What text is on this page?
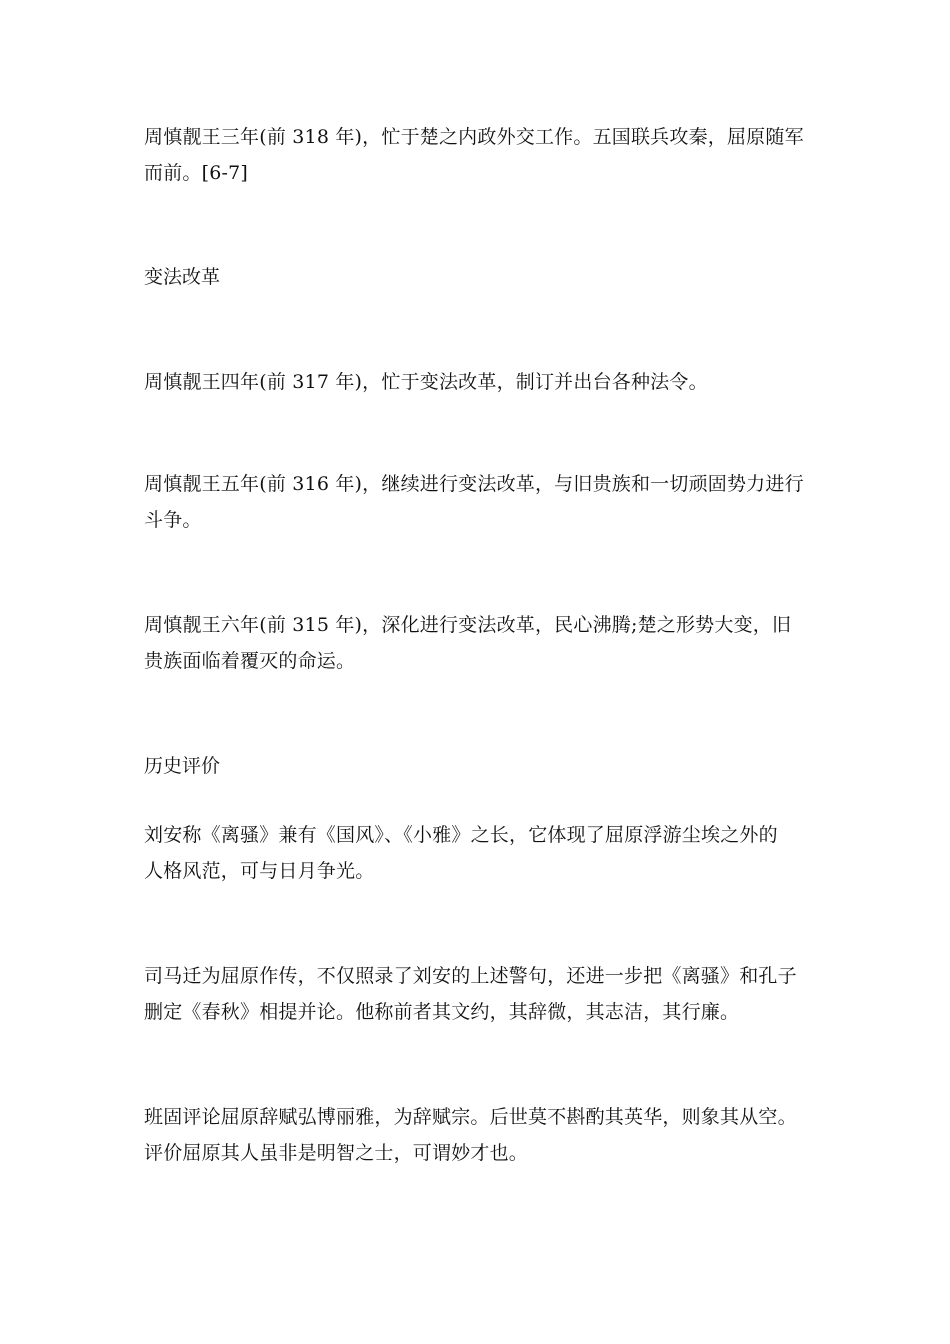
周慎靓王三年(前 318 年)，忙于楚之内政外交工作。五国联兵攻秦，屈原随军
而前。[6-7]
变法改革
周慎靓王四年(前 317 年)，忙于变法改革，制订并出台各种法令。
周慎靓王五年(前 316 年)，继续进行变法改革，与旧贵族和一切顽固势力进行
斗争。
周慎靓王六年(前 315 年)，深化进行变法改革，民心沸腾;楚之形势大变，旧
贵族面临着覆灭的命运。
历史评价
刘安称《离骚》兼有《国风》、《小雅》之长，它体现了屈原浮游尘埃之外的
人格风范，可与日月争光。
司马迁为屈原作传，不仅照录了刘安的上述警句，还进一步把《离骚》和孔子
删定《春秋》相提并论。他称前者其文约，其辞微，其志洁，其行廉。
班固评论屈原辞赋弘博丽雅，为辞赋宗。后世莫不斟酌其英华，则象其从空。
评价屈原其人虽非是明智之士，可谓妙才也。
